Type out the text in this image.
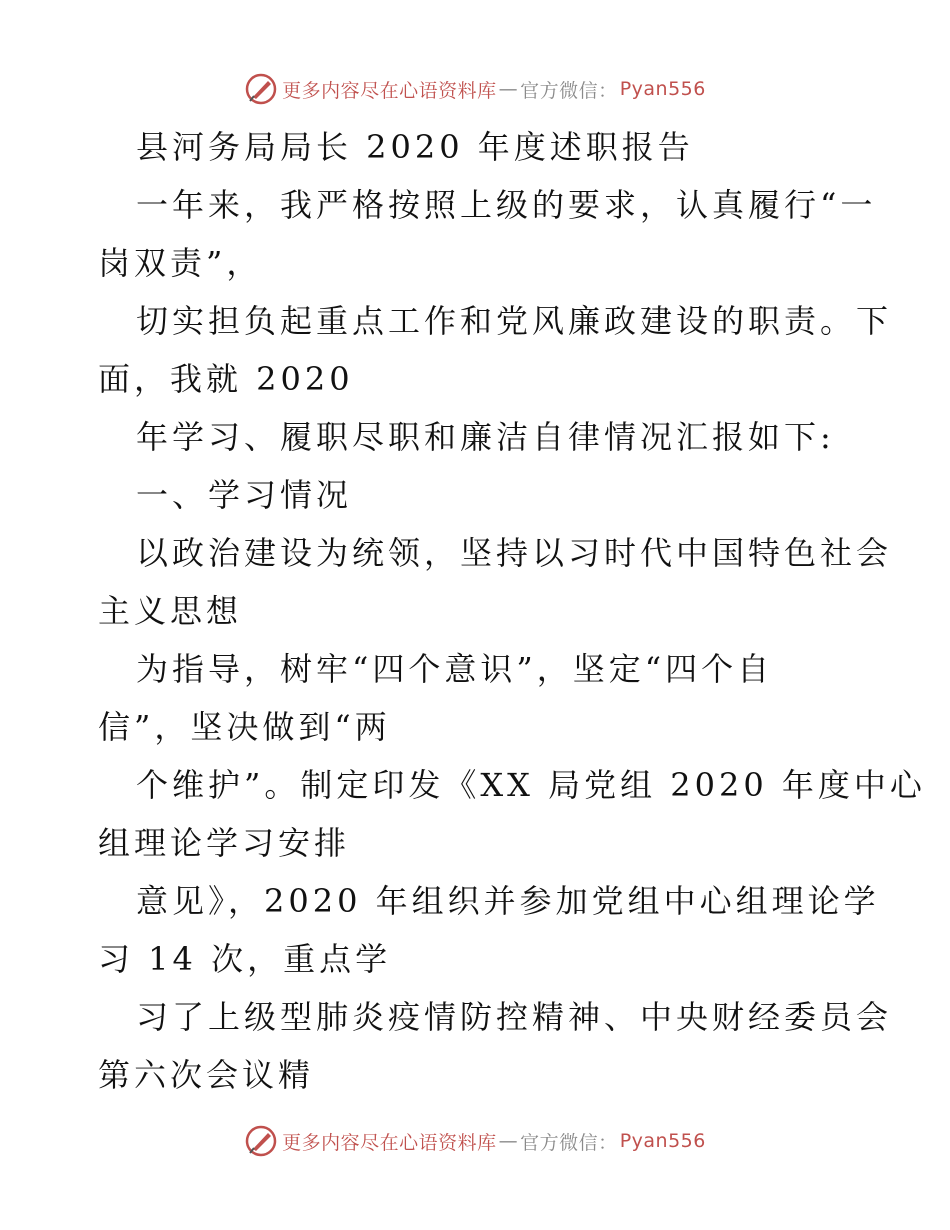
更多内容尽在心语资料库 — 官方微信： Pyan556

县河务局局长 2020 年度述职报告

一年来，我严格按照上级的要求，认真履行“一

岗双责”，

切实担负起重点工作和党风廉政建设的职责。下

面，我就 2020

年学习、履职尽职和廉洁自律情况汇报如下:

一、学习情况

以政治建设为统领，坚持以习时代中国特色社会

主义思想

为指导，树牢“四个意识”，坚定“四个自

信”，坚决做到“两

个维护”。制定印发《XX 局党组 2020 年度中心

组理论学习安排

意见》，2020 年组织并参加党组中心组理论学

习 14 次，重点学

习了上级型肺炎疫情防控精神、中央财经委员会

第六次会议精

更多内容尽在心语资料库 — 官方微信： Pyan556
